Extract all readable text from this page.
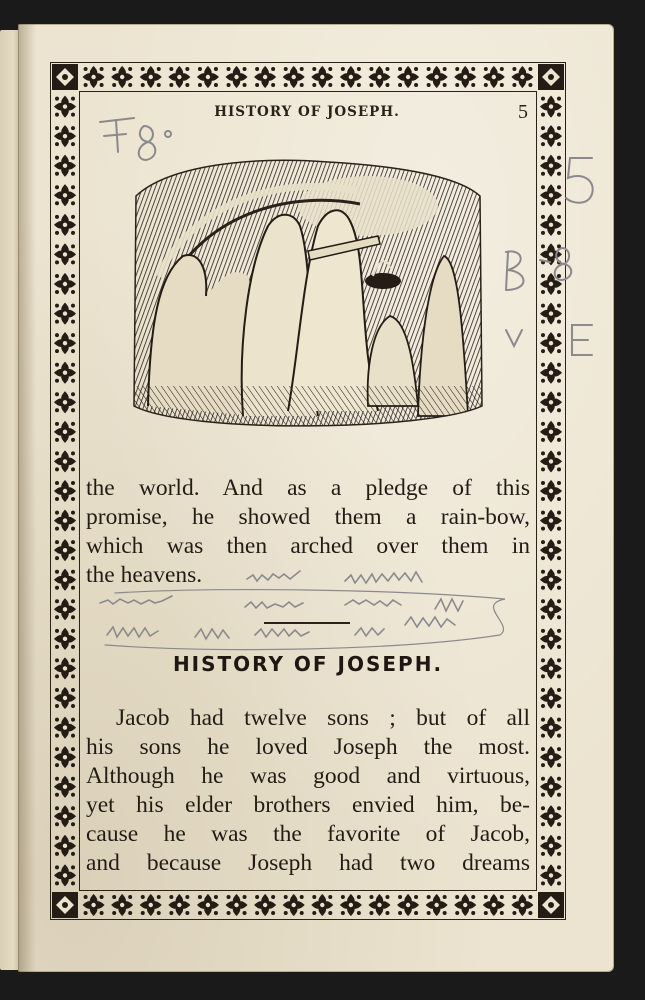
HISTORY OF JOSEPH.	5
the world. And as a pledge of this
promise, he showed them a rain-bow,
which was then arched over them in
the heavens.
HISTORY OF JOSEPH.
Jacob had twelve sons ; but of all
his sons he loved Joseph the most.
Although he was good and virtuous,
yet his elder brothers envied him, be-
cause he was the favorite of Jacob,
and because Joseph had two dreams
